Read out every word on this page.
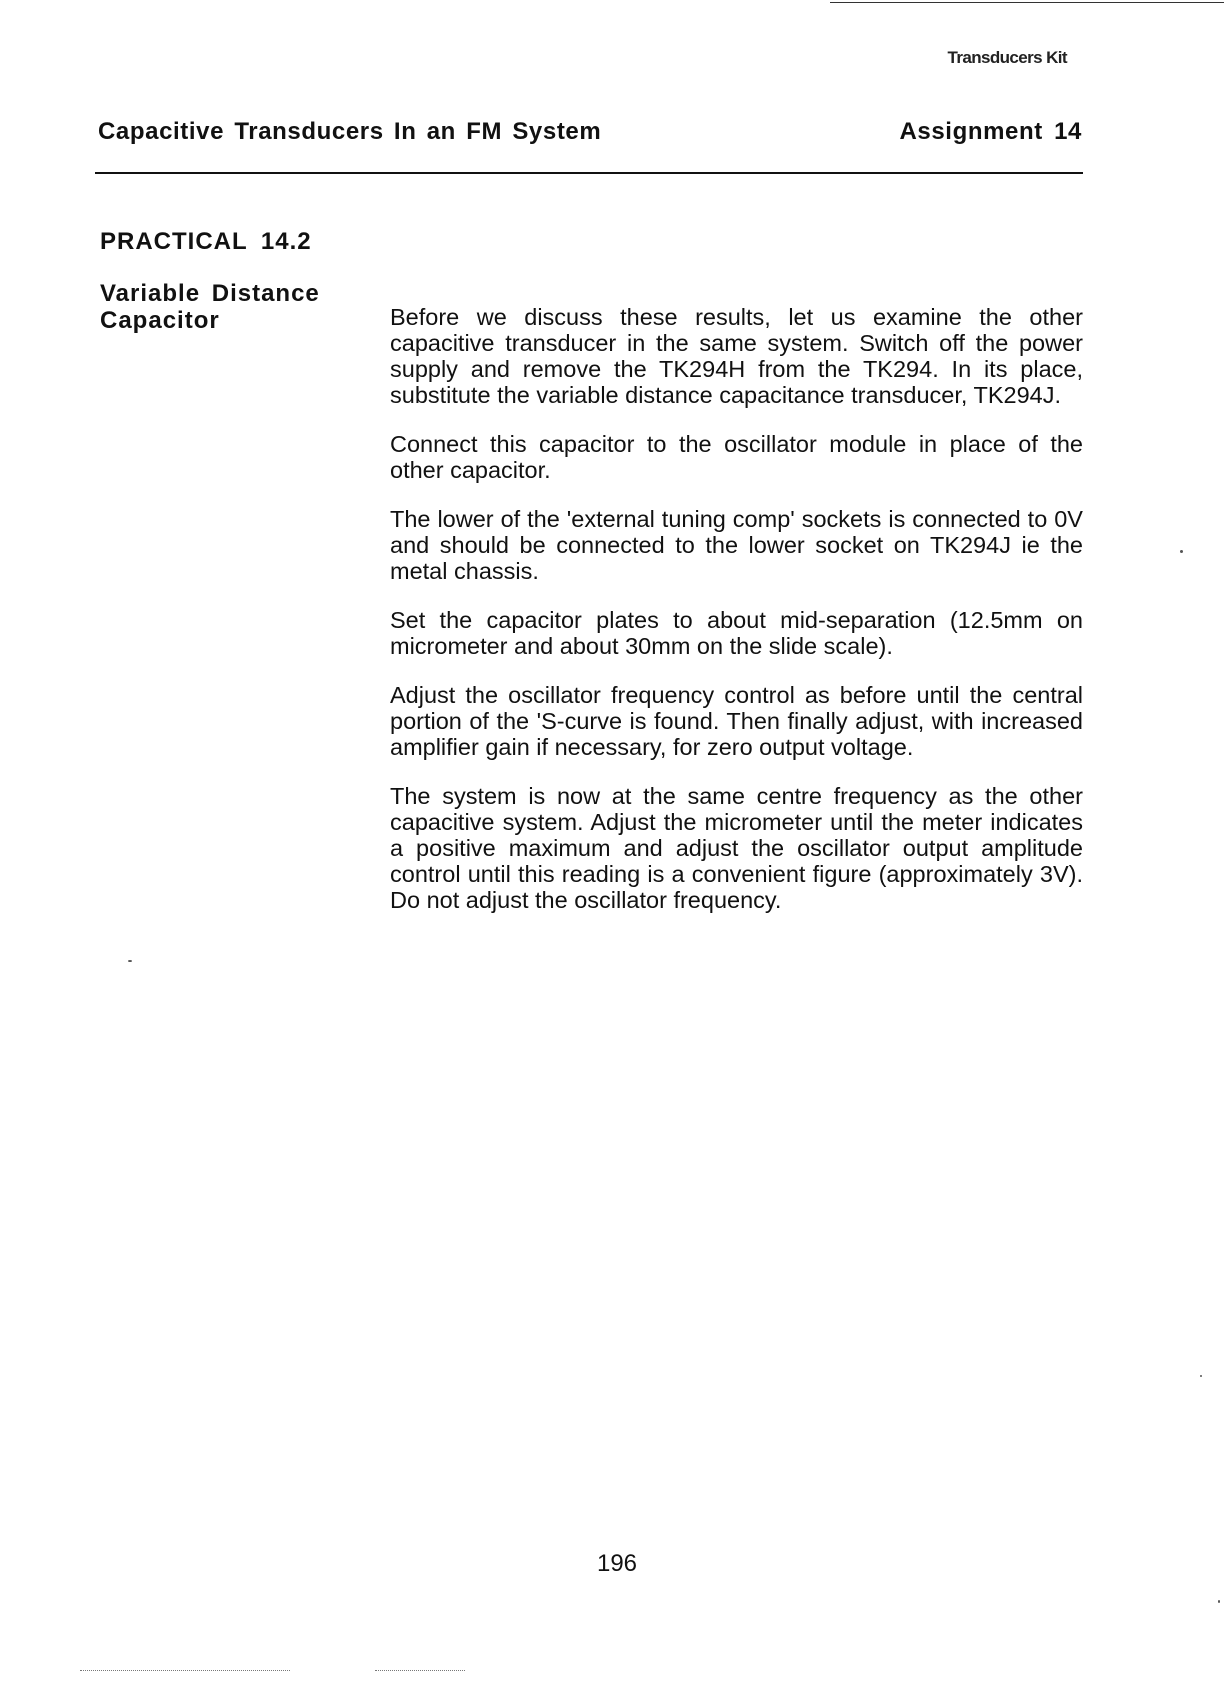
Transducers Kit
Capacitive Transducers In an FM System	Assignment 14
PRACTICAL 14.2
Variable Distance
Capacitor	Before we discuss these results, let us examine the other capacitive transducer in the same system. Switch off the power supply and remove the TK294H from the TK294. In its place, substitute the variable distance capacitance transducer, TK294J.

Connect this capacitor to the oscillator module in place of the other capacitor.

The lower of the 'external tuning comp' sockets is connected to 0V and should be connected to the lower socket on TK294J ie the metal chassis.

Set the capacitor plates to about mid-separation (12.5mm on micrometer and about 30mm on the slide scale).

Adjust the oscillator frequency control as before until the central portion of the 'S-curve is found. Then finally adjust, with increased amplifier gain if necessary, for zero output voltage.

The system is now at the same centre frequency as the other capacitive system. Adjust the micrometer until the meter indicates a positive maximum and adjust the oscillator output amplitude control until this reading is a convenient figure (approximately 3V). Do not adjust the oscillator frequency.

196
